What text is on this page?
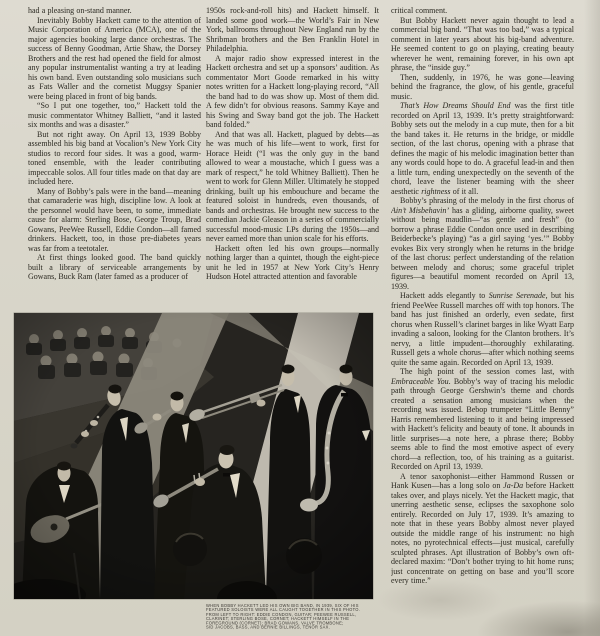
had a pleasing on-stand manner.

Inevitably Bobby Hackett came to the attention of Music Corporation of America (MCA), one of the major agencies booking large dance orchestras. The success of Benny Goodman, Artie Shaw, the Dorsey Brothers and the rest had opened the field for almost any popular instrumentalist wanting a try at leading his own band. Even outstanding solo musicians such as Fats Waller and the cornetist Muggsy Spanier were being placed in front of big bands.

“So I put one together, too,” Hackett told the music commentator Whitney Balliett, “and it lasted six months and was a disaster.”

But not right away. On April 13, 1939 Bobby assembled his big band at Vocalion’s New York City studios to record four sides. It was a good, warm-toned ensemble, with the leader contributing impeccable solos. All four titles made on that day are included here.

Many of Bobby’s pals were in the band—meaning that camaraderie was high, discipline low. A look at the personnel would have been, to some, immediate cause for alarm: Sterling Bose, George Troup, Brad Gowans, PeeWee Russell, Eddie Condon—all famed drinkers. Hackett, too, in those pre-diabetes years was far from a teetotaler.

At first things looked good. The band quickly built a library of serviceable arrangements by Gowans, Buck Ram (later famed as a producer of

1950s rock-and-roll hits) and Hackett himself. It landed some good work—the World’s Fair in New York, ballrooms throughout New England run by the Shribman brothers and the Ben Franklin Hotel in Philadelphia.

A major radio show expressed interest in the Hackett orchestra and set up a sponsors’ audition. As commentator Mort Goode remarked in his witty notes written for a Hackett long-playing record, “All the band had to do was show up. Most of them did. A few didn’t for obvious reasons. Sammy Kaye and his Swing and Sway band got the job. The Hackett band folded.”

And that was all. Hackett, plagued by debts—as he was much of his life—went to work, first for Horace Heidt (“I was the only guy in the band allowed to wear a moustache, which I guess was a mark of respect,” he told Whitney Balliett). Then he went to work for Glenn Miller. Ultimately he stopped drinking, built up his embouchure and became the featured soloist in hundreds, even thousands, of bands and orchestras. He brought new success to the comedian Jackie Gleason in a series of commercially successful mood-music LPs during the 1950s—and never earned more than union scale for his efforts.

Hackett often led his own groups—normally nothing larger than a quintet, though the eight-piece unit he led in 1957 at New York City’s Henry Hudson Hotel attracted attention and favorable

critical comment.

But Bobby Hackett never again thought to lead a commercial big band. “That was too bad,” was a typical comment in later years about his big-band adventure. He seemed content to go on playing, creating beauty wherever he went, remaining forever, in his own apt phrase, the “inside guy.”

Then, suddenly, in 1976, he was gone—leaving behind the fragrance, the glow, of his gentle, graceful music.

That’s How Dreams Should End was the first title recorded on April 13, 1939. It’s pretty straightforward: Bobby sets out the melody in a cup mute, then for a bit the band takes it. He returns in the bridge, or middle section, of the last chorus, opening with a phrase that defines the magic of his melodic imagination better than any words could hope to do. A graceful lead-in and then a little turn, ending unexpectedly on the seventh of the chord, leave the listener beaming with the sheer aesthetic rightness of it all.

Bobby’s phrasing of the melody in the first chorus of Ain’t Misbehavin’ has a gliding, airborne quality, sweet without being maudlin—“as gentle and fresh” (to borrow a phrase Eddie Condon once used in describing Beiderbecke’s playing) “as a girl saying ‘yes.’” Bobby evokes Bix very strongly when he returns in the bridge of the last chorus: perfect understanding of the relation between melody and chorus; some graceful triplet figures—a beautiful moment recorded on April 13, 1939.

Hackett adds elegantly to Sunrise Serenade, but his friend PeeWee Russell marches off with top honors. The band has just finished an orderly, even sedate, first chorus when Russell’s clarinet barges in like Wyatt Earp invading a saloon, looking for the Clanton brothers. It’s nervy, a little impudent—thoroughly exhilarating. Russell gets a whole chorus—after which nothing seems quite the same again. Recorded on April 13, 1939.

The high point of the session comes last, with Embraceable You. Bobby’s way of tracing his melodic path through George Gershwin’s theme and chords created a sensation among musicians when the recording was issued. Bebop trumpeter “Little Benny” Harris remembered listening to it and being impressed with Hackett’s felicity and beauty of tone. It abounds in little surprises—a note here, a phrase there; Bobby seems able to find the most emotive aspect of every chord—a reflection, too, of his training as a guitarist. Recorded on April 13, 1939.

A tenor saxophonist—either Hammond Russen or Hank Kusen—has a long solo on Ja-Da before Hackett takes over, and plays nicely. Yet the Hackett magic, that unerring aesthetic sense, eclipses the saxophone solo entirely. Recorded on July 17, 1939. It’s amazing to note that in these years Bobby almost never played outside the middle range of his instrument: no high notes, no pyrotechnical effects—just musical, carefully sculpted phrases. Apt illustration of Bobby’s own oft-declared maxim: “Don’t bother trying to hit home runs; just concentrate on getting on base and you’ll score every time.”

WHEN BOBBY HACKETT LED HIS OWN BIG BAND, IN 1939, SIX OF HIS
FEATURED SOLOISTS WERE ALL CAUGHT TOGETHER IN THIS PHOTO.
FROM LEFT TO RIGHT: EDDIE CONDON, GUITAR; PEEWEE RUSSELL,
CLARINET; STERLING BOSE, CORNET; HACKETT HIMSELF IN THE
FOREGROUND (CORNET); BRAD GOWANS, VALVE TROMBONE;
SID JACOBS, BASS, AND BERNIE BILLINGS, TENOR SAX.
